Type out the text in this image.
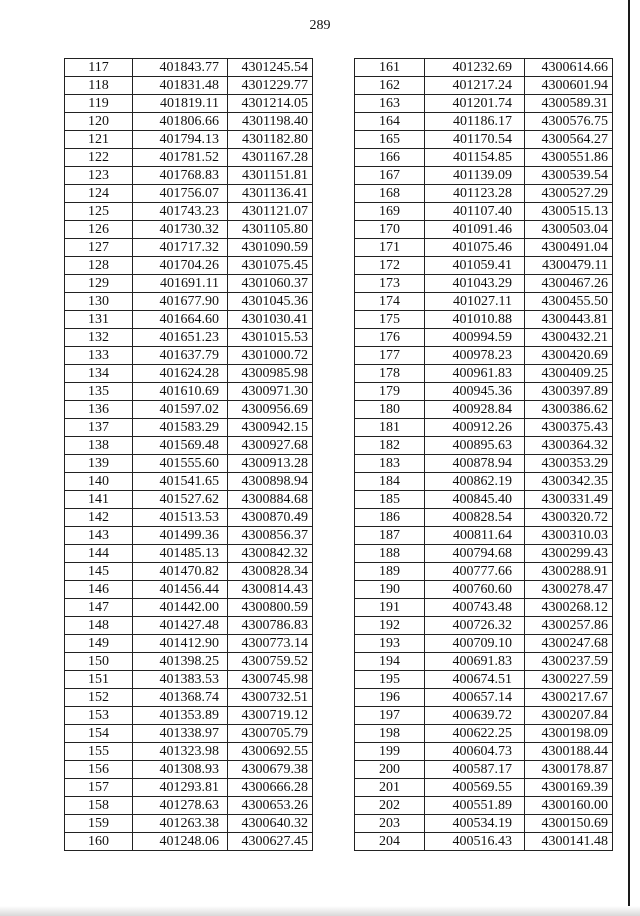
289
117	401843.77	4301245.54
118	401831.48	4301229.77
119	401819.11	4301214.05
120	401806.66	4301198.40
121	401794.13	4301182.80
122	401781.52	4301167.28
123	401768.83	4301151.81
124	401756.07	4301136.41
125	401743.23	4301121.07
126	401730.32	4301105.80
127	401717.32	4301090.59
128	401704.26	4301075.45
129	401691.11	4301060.37
130	401677.90	4301045.36
131	401664.60	4301030.41
132	401651.23	4301015.53
133	401637.79	4301000.72
134	401624.28	4300985.98
135	401610.69	4300971.30
136	401597.02	4300956.69
137	401583.29	4300942.15
138	401569.48	4300927.68
139	401555.60	4300913.28
140	401541.65	4300898.94
141	401527.62	4300884.68
142	401513.53	4300870.49
143	401499.36	4300856.37
144	401485.13	4300842.32
145	401470.82	4300828.34
146	401456.44	4300814.43
147	401442.00	4300800.59
148	401427.48	4300786.83
149	401412.90	4300773.14
150	401398.25	4300759.52
151	401383.53	4300745.98
152	401368.74	4300732.51
153	401353.89	4300719.12
154	401338.97	4300705.79
155	401323.98	4300692.55
156	401308.93	4300679.38
157	401293.81	4300666.28
158	401278.63	4300653.26
159	401263.38	4300640.32
160	401248.06	4300627.45
161	401232.69	4300614.66
162	401217.24	4300601.94
163	401201.74	4300589.31
164	401186.17	4300576.75
165	401170.54	4300564.27
166	401154.85	4300551.86
167	401139.09	4300539.54
168	401123.28	4300527.29
169	401107.40	4300515.13
170	401091.46	4300503.04
171	401075.46	4300491.04
172	401059.41	4300479.11
173	401043.29	4300467.26
174	401027.11	4300455.50
175	401010.88	4300443.81
176	400994.59	4300432.21
177	400978.23	4300420.69
178	400961.83	4300409.25
179	400945.36	4300397.89
180	400928.84	4300386.62
181	400912.26	4300375.43
182	400895.63	4300364.32
183	400878.94	4300353.29
184	400862.19	4300342.35
185	400845.40	4300331.49
186	400828.54	4300320.72
187	400811.64	4300310.03
188	400794.68	4300299.43
189	400777.66	4300288.91
190	400760.60	4300278.47
191	400743.48	4300268.12
192	400726.32	4300257.86
193	400709.10	4300247.68
194	400691.83	4300237.59
195	400674.51	4300227.59
196	400657.14	4300217.67
197	400639.72	4300207.84
198	400622.25	4300198.09
199	400604.73	4300188.44
200	400587.17	4300178.87
201	400569.55	4300169.39
202	400551.89	4300160.00
203	400534.19	4300150.69
204	400516.43	4300141.48
